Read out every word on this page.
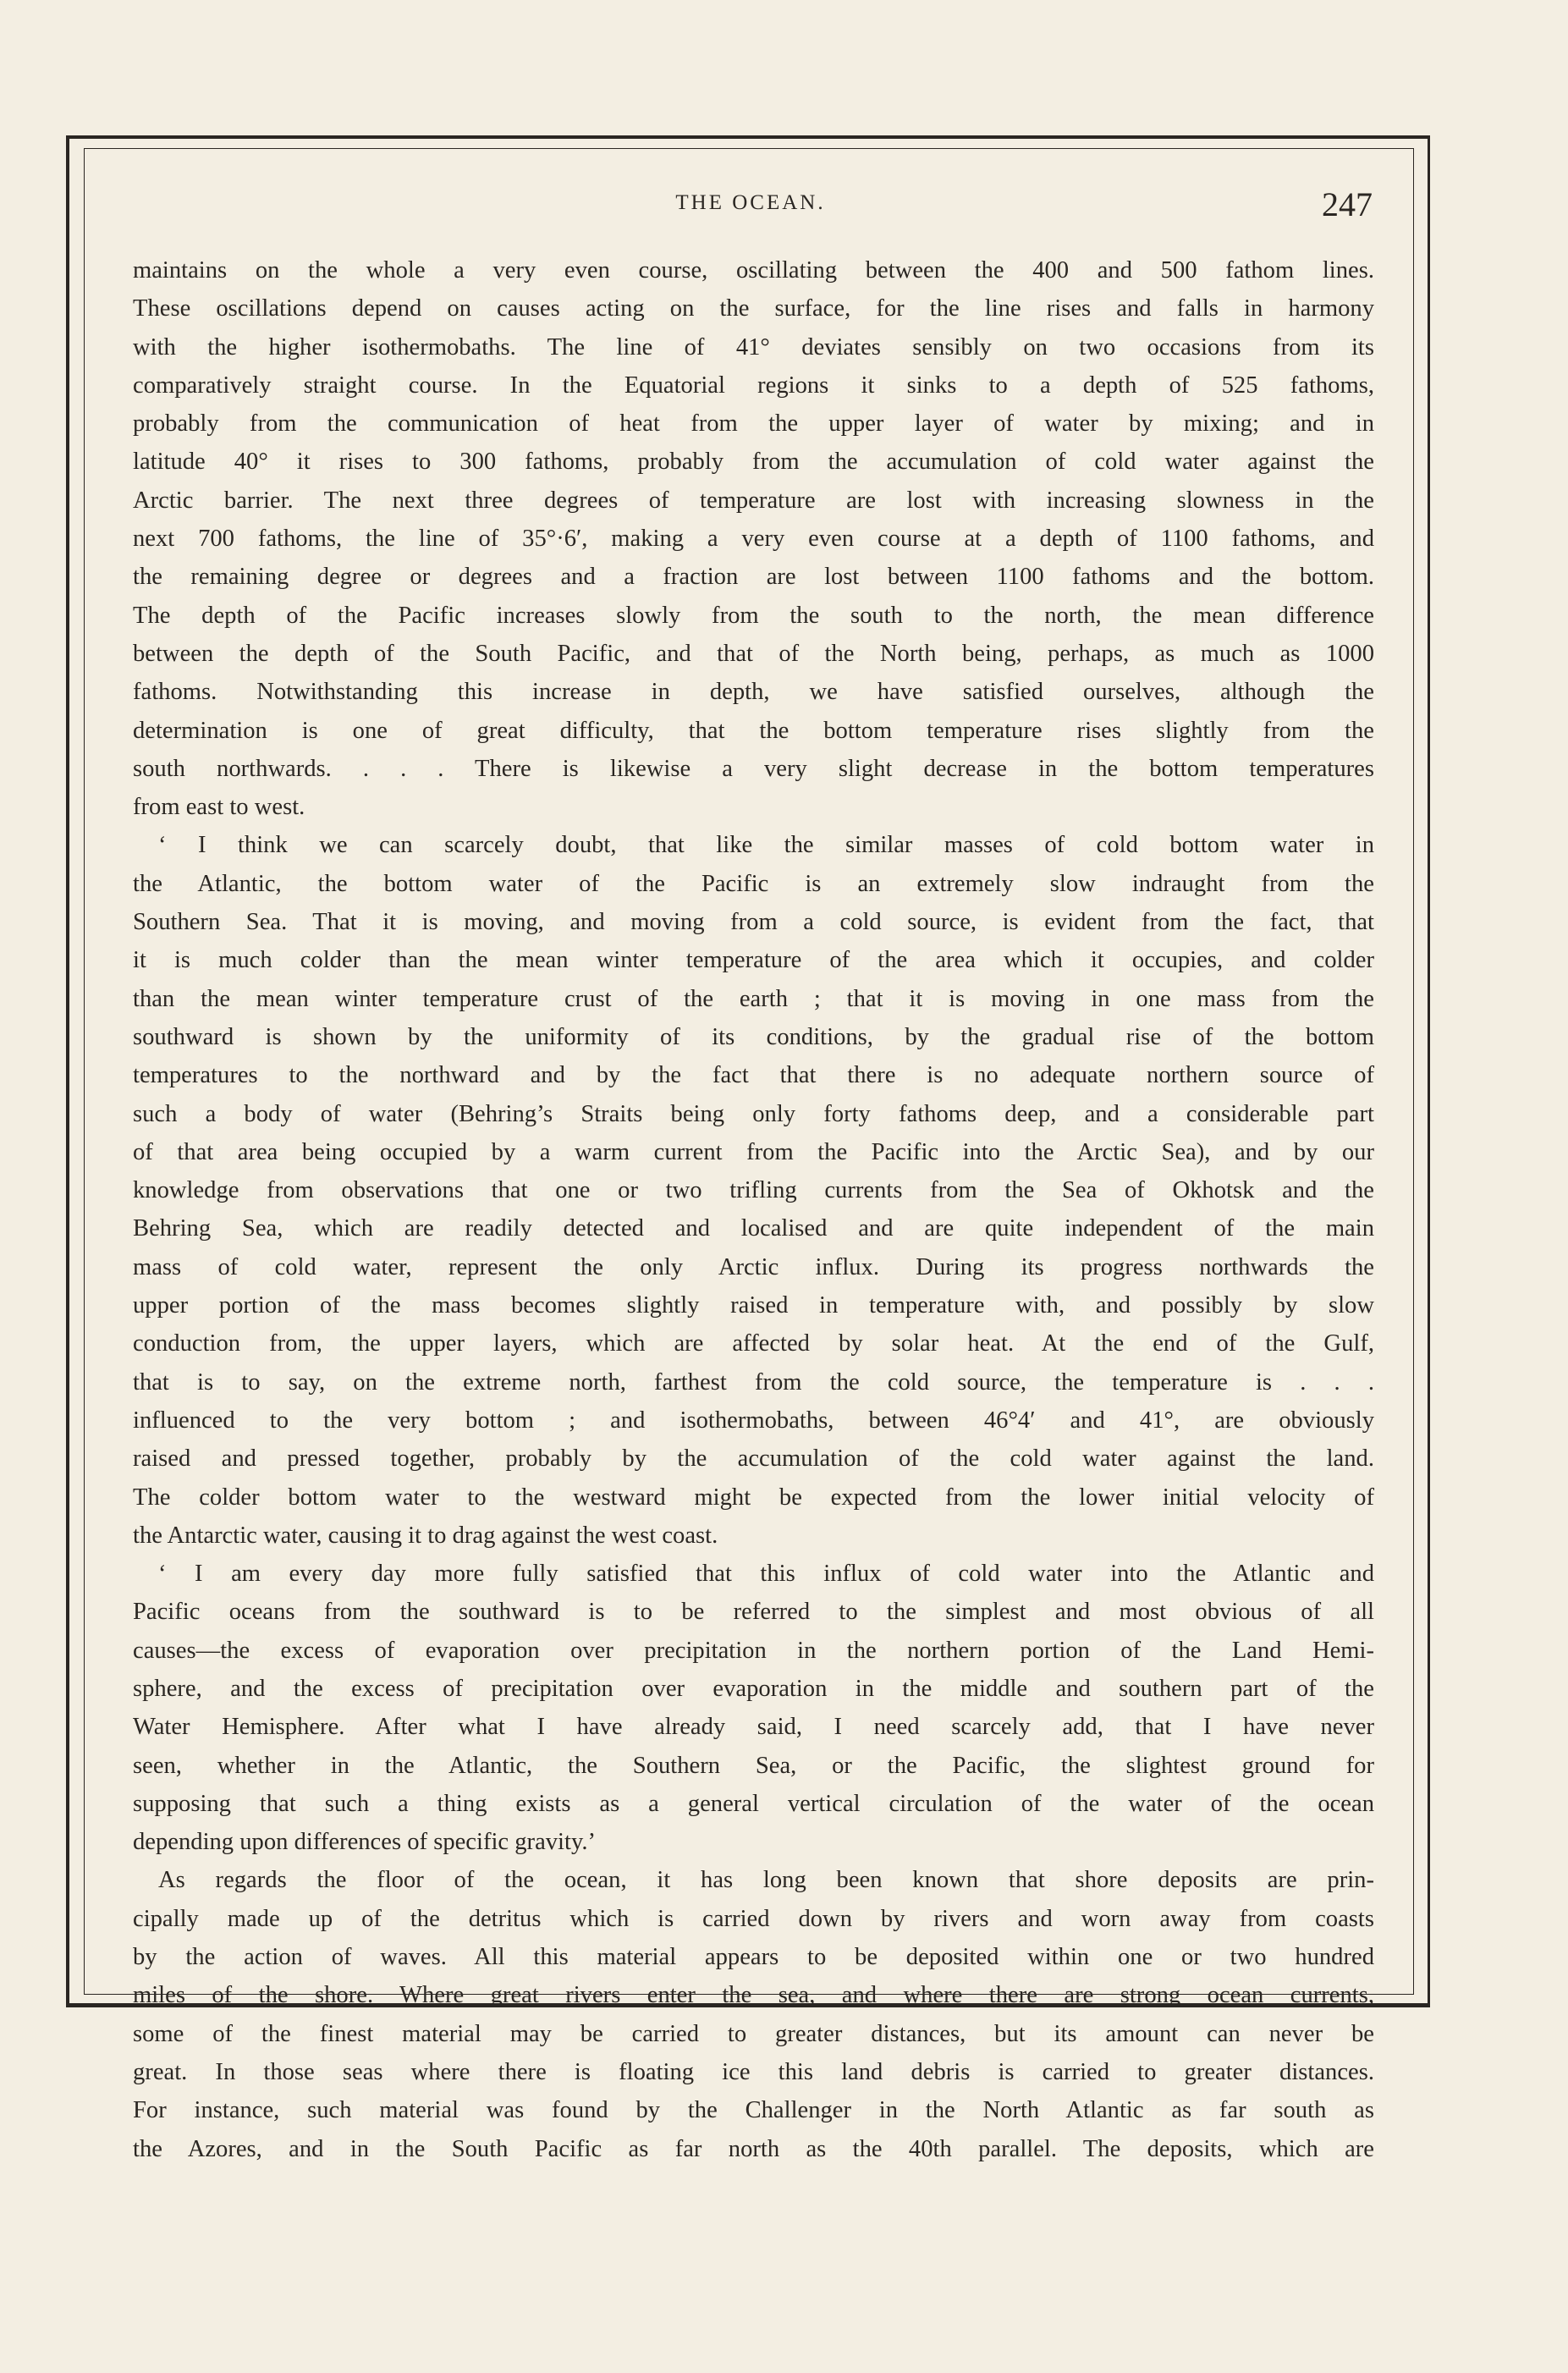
THE OCEAN.	247

maintains on the whole a very even course, oscillating between the 400 and 500 fathom lines.

These oscillations depend on causes acting on the surface, for the line rises and falls in harmony

with the higher isothermobaths. The line of 41° deviates sensibly on two occasions from its

comparatively straight course. In the Equatorial regions it sinks to a depth of 525 fathoms,

probably from the communication of heat from the upper layer of water by mixing; and in

latitude 40° it rises to 300 fathoms, probably from the accumulation of cold water against the

Arctic barrier. The next three degrees of temperature are lost with increasing slowness in the

next 700 fathoms, the line of 35°·6′, making a very even course at a depth of 1100 fathoms, and

the remaining degree or degrees and a fraction are lost between 1100 fathoms and the bottom.

The depth of the Pacific increases slowly from the south to the north, the mean difference

between the depth of the South Pacific, and that of the North being, perhaps, as much as 1000

fathoms. Notwithstanding this increase in depth, we have satisfied ourselves, although the

determination is one of great difficulty, that the bottom temperature rises slightly from the

south northwards. . . . There is likewise a very slight decrease in the bottom temperatures

from east to west.

‘ I think we can scarcely doubt, that like the similar masses of cold bottom water in

the Atlantic, the bottom water of the Pacific is an extremely slow indraught from the

Southern Sea. That it is moving, and moving from a cold source, is evident from the fact, that

it is much colder than the mean winter temperature of the area which it occupies, and colder

than the mean winter temperature crust of the earth ; that it is moving in one mass from the

southward is shown by the uniformity of its conditions, by the gradual rise of the bottom

temperatures to the northward and by the fact that there is no adequate northern source of

such a body of water (Behring’s Straits being only forty fathoms deep, and a considerable part

of that area being occupied by a warm current from the Pacific into the Arctic Sea), and by our

knowledge from observations that one or two trifling currents from the Sea of Okhotsk and the

Behring Sea, which are readily detected and localised and are quite independent of the main

mass of cold water, represent the only Arctic influx. During its progress northwards the

upper portion of the mass becomes slightly raised in temperature with, and possibly by slow

conduction from, the upper layers, which are affected by solar heat. At the end of the Gulf,

that is to say, on the extreme north, farthest from the cold source, the temperature is . . .

influenced to the very bottom ; and isothermobaths, between 46°4′ and 41°, are obviously

raised and pressed together, probably by the accumulation of the cold water against the land.

The colder bottom water to the westward might be expected from the lower initial velocity of

the Antarctic water, causing it to drag against the west coast.

‘ I am every day more fully satisfied that this influx of cold water into the Atlantic and

Pacific oceans from the southward is to be referred to the simplest and most obvious of all

causes—the excess of evaporation over precipitation in the northern portion of the Land Hemi-

sphere, and the excess of precipitation over evaporation in the middle and southern part of the

Water Hemisphere. After what I have already said, I need scarcely add, that I have never

seen, whether in the Atlantic, the Southern Sea, or the Pacific, the slightest ground for

supposing that such a thing exists as a general vertical circulation of the water of the ocean

depending upon differences of specific gravity.’

As regards the floor of the ocean, it has long been known that shore deposits are prin-

cipally made up of the detritus which is carried down by rivers and worn away from coasts

by the action of waves. All this material appears to be deposited within one or two hundred

miles of the shore. Where great rivers enter the sea, and where there are strong ocean currents,

some of the finest material may be carried to greater distances, but its amount can never be

great. In those seas where there is floating ice this land debris is carried to greater distances.

For instance, such material was found by the Challenger in the North Atlantic as far south as

the Azores, and in the South Pacific as far north as the 40th parallel. The deposits, which are
